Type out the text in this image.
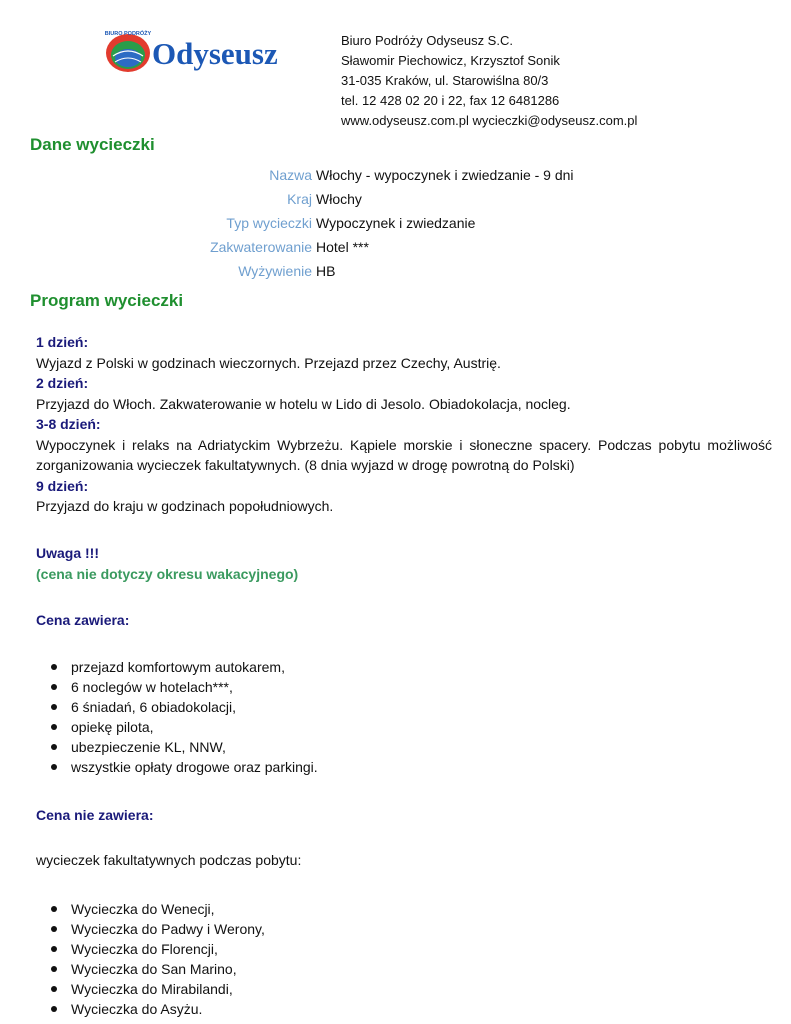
Odyseusz
BIURO PODRÓŻY	Biuro Podróży Odyseusz S.C.
Sławomir Piechowicz, Krzysztof Sonik
31-035 Kraków, ul. Starowiślna 80/3
tel. 12 428 02 20 i 22, fax 12 6481286
www.odyseusz.com.pl wycieczki@odyseusz.com.pl
Dane wycieczki
Nazwa Włochy - wypoczynek i zwiedzanie - 9 dni
Kraj Włochy
Typ wycieczki Wypoczynek i zwiedzanie
Zakwaterowanie Hotel ***
Wyżywienie HB
Program wycieczki
1 dzień:
Wyjazd z Polski w godzinach wieczornych. Przejazd przez Czechy, Austrię.
2 dzień:
Przyjazd do Włoch. Zakwaterowanie w hotelu w Lido di Jesolo. Obiadokolacja, nocleg.
3-8 dzień:
Wypoczynek i relaks na Adriatyckim Wybrzeżu. Kąpiele morskie i słoneczne spacery. Podczas pobytu możliwość zorganizowania wycieczek fakultatywnych. (8 dnia wyjazd w drogę powrotną do Polski)
9 dzień:
Przyjazd do kraju w godzinach popołudniowych.
Uwaga !!!
(cena nie dotyczy okresu wakacyjnego)
Cena zawiera:
przejazd komfortowym autokarem,
6 noclegów w hotelach***,
6 śniadań, 6 obiadokolacji,
opiekę pilota,
ubezpieczenie KL, NNW,
wszystkie opłaty drogowe oraz parkingi.
Cena nie zawiera:
wycieczek fakultatywnych podczas pobytu:
Wycieczka do Wenecji,
Wycieczka do Padwy i Werony,
Wycieczka do Florencji,
Wycieczka do San Marino,
Wycieczka do Mirabilandi,
Wycieczka do Asyżu.
